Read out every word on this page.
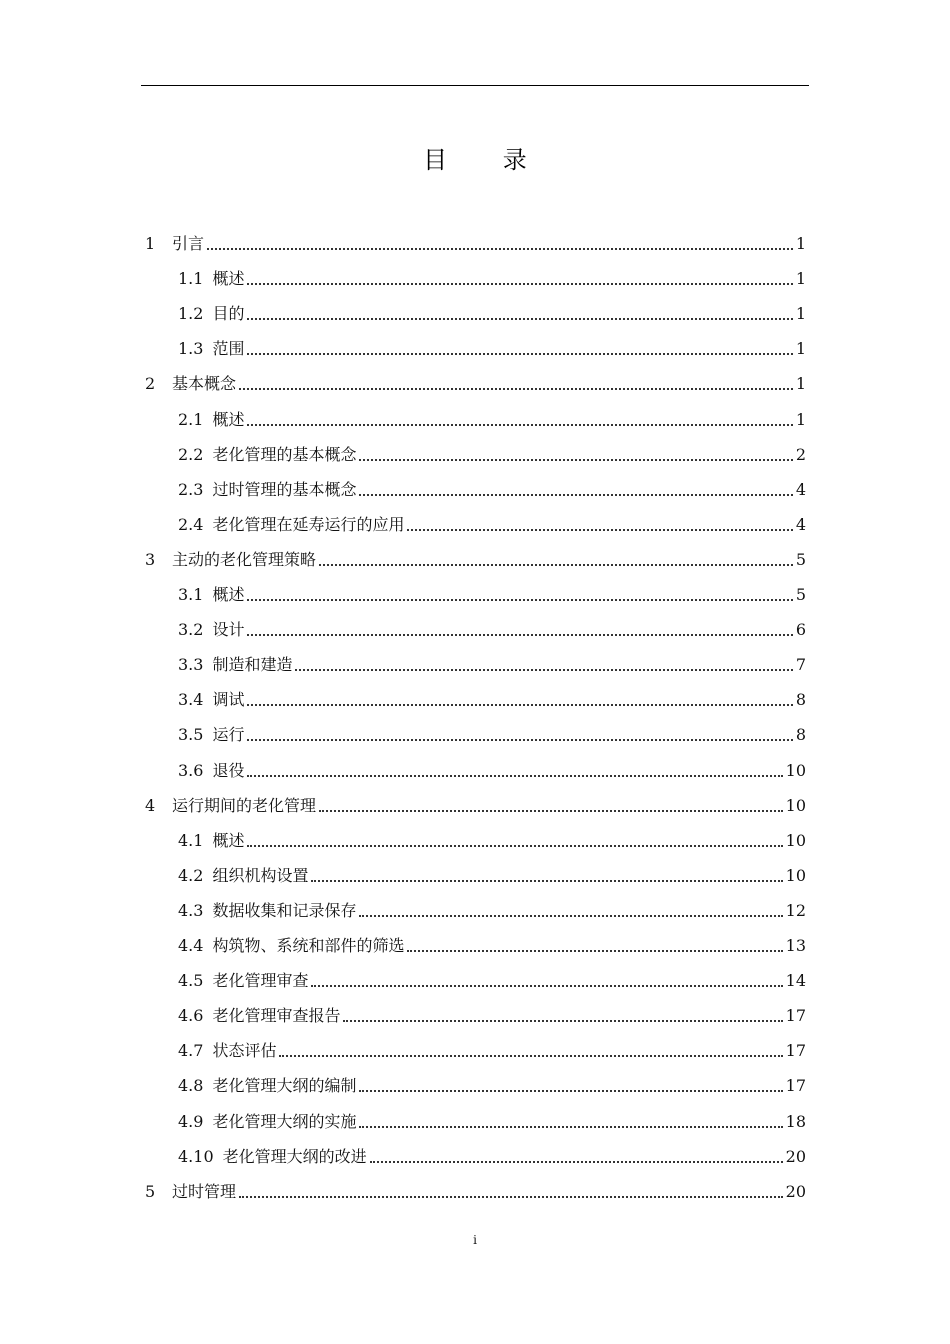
目 录
1	引言	1
1.1 概述	1
1.2 目的	1
1.3 范围	1
2	基本概念	1
2.1 概述	1
2.2 老化管理的基本概念	2
2.3 过时管理的基本概念	4
2.4 老化管理在延寿运行的应用	4
3	主动的老化管理策略	5
3.1 概述	5
3.2 设计	6
3.3 制造和建造	7
3.4 调试	8
3.5 运行	8
3.6 退役	10
4	运行期间的老化管理	10
4.1 概述	10
4.2 组织机构设置	10
4.3 数据收集和记录保存	12
4.4 构筑物、系统和部件的筛选	13
4.5 老化管理审查	14
4.6 老化管理审查报告	17
4.7 状态评估	17
4.8 老化管理大纲的编制	17
4.9 老化管理大纲的实施	18
4.10 老化管理大纲的改进	20
5	过时管理	20
i
